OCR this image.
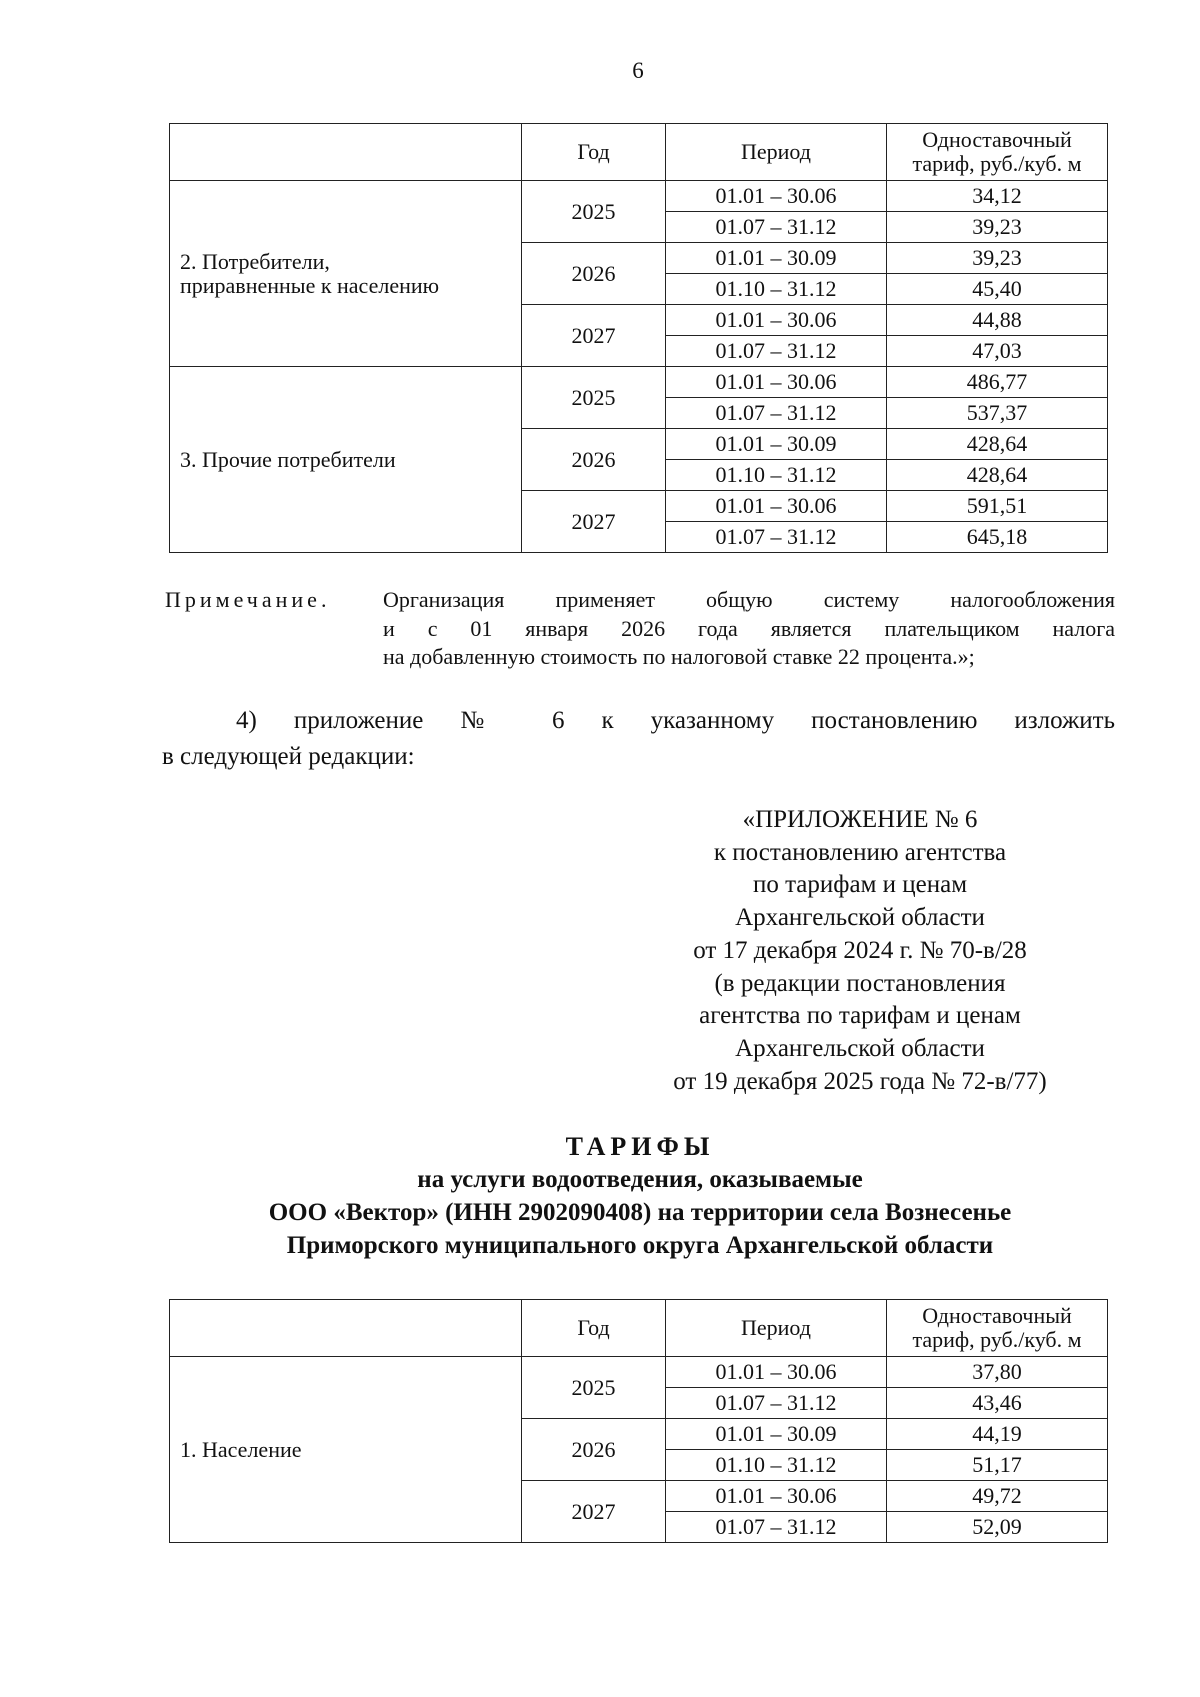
6
	Год	Период	Одноставочный
тариф, руб./куб. м
2. Потребители,
приравненные к населению	2025	01.01 – 30.06	34,12
		01.07 – 31.12	39,23
	2026	01.01 – 30.09	39,23
		01.10 – 31.12	45,40
	2027	01.01 – 30.06	44,88
		01.07 – 31.12	47,03
3. Прочие потребители	2025	01.01 – 30.06	486,77
		01.07 – 31.12	537,37
	2026	01.01 – 30.09	428,64
		01.10 – 31.12	428,64
	2027	01.01 – 30.06	591,51
		01.07 – 31.12	645,18
Примечание. Организация применяет общую систему налогообложения
и с 01 января 2026 года является плательщиком налога
на добавленную стоимость по налоговой ставке 22 процента.»;
4) приложение № 6 к указанному постановлению изложить
в следующей редакции:
«ПРИЛОЖЕНИЕ № 6
к постановлению агентства
по тарифам и ценам
Архангельской области
от 17 декабря 2024 г. № 70-в/28
(в редакции постановления
агентства по тарифам и ценам
Архангельской области
от 19 декабря 2025 года № 72-в/77)
ТАРИФЫ
на услуги водоотведения, оказываемые
ООО «Вектор» (ИНН 2902090408) на территории села Вознесенье
Приморского муниципального округа Архангельской области
	Год	Период	Одноставочный
тариф, руб./куб. м
1. Население	2025	01.01 – 30.06	37,80
		01.07 – 31.12	43,46
	2026	01.01 – 30.09	44,19
		01.10 – 31.12	51,17
	2027	01.01 – 30.06	49,72
		01.07 – 31.12	52,09
